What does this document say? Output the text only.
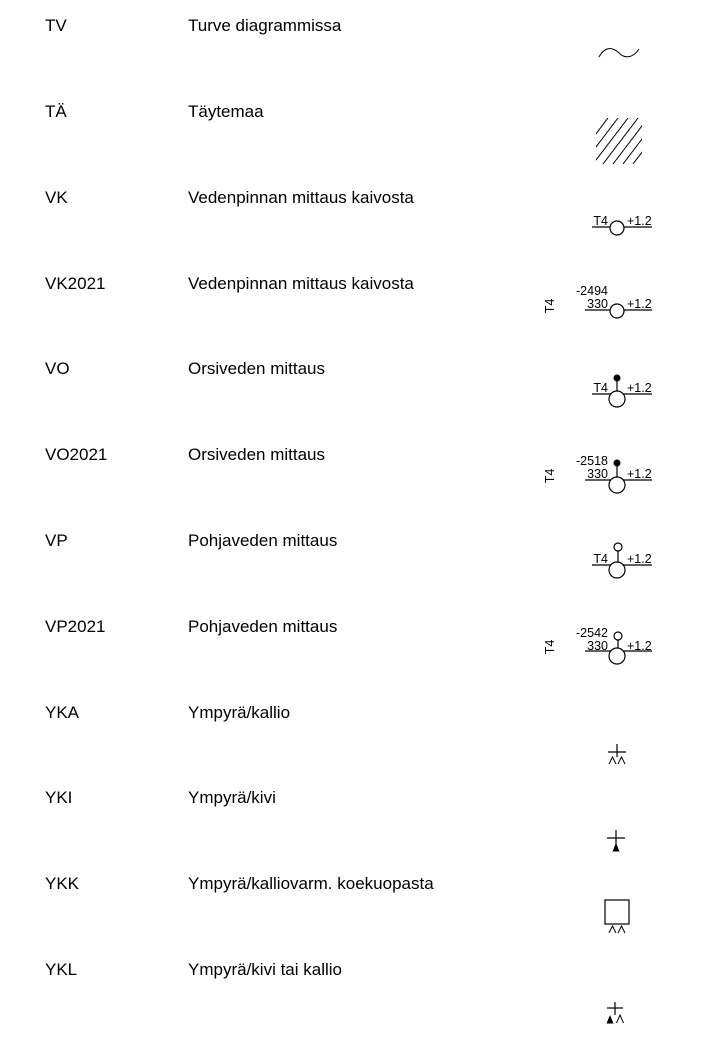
TV	Turve diagrammissa
TÄ	Täytemaa
VK	Vedenpinnan mittaus kaivosta
T4 +1.2
VK2021	Vedenpinnan mittaus kaivosta
T4
-2494
330 +1.2
VO	Orsiveden mittaus
T4 +1.2
VO2021	Orsiveden mittaus
T4
-2518
330 +1.2
VP	Pohjaveden mittaus
T4 +1.2
VP2021	Pohjaveden mittaus
T4
-2542
330 +1.2
YKA	Ympyrä/kallio
YKI	Ympyrä/kivi
YKK	Ympyrä/kalliovarm. koekuopasta
YKL	Ympyrä/kivi tai kallio
